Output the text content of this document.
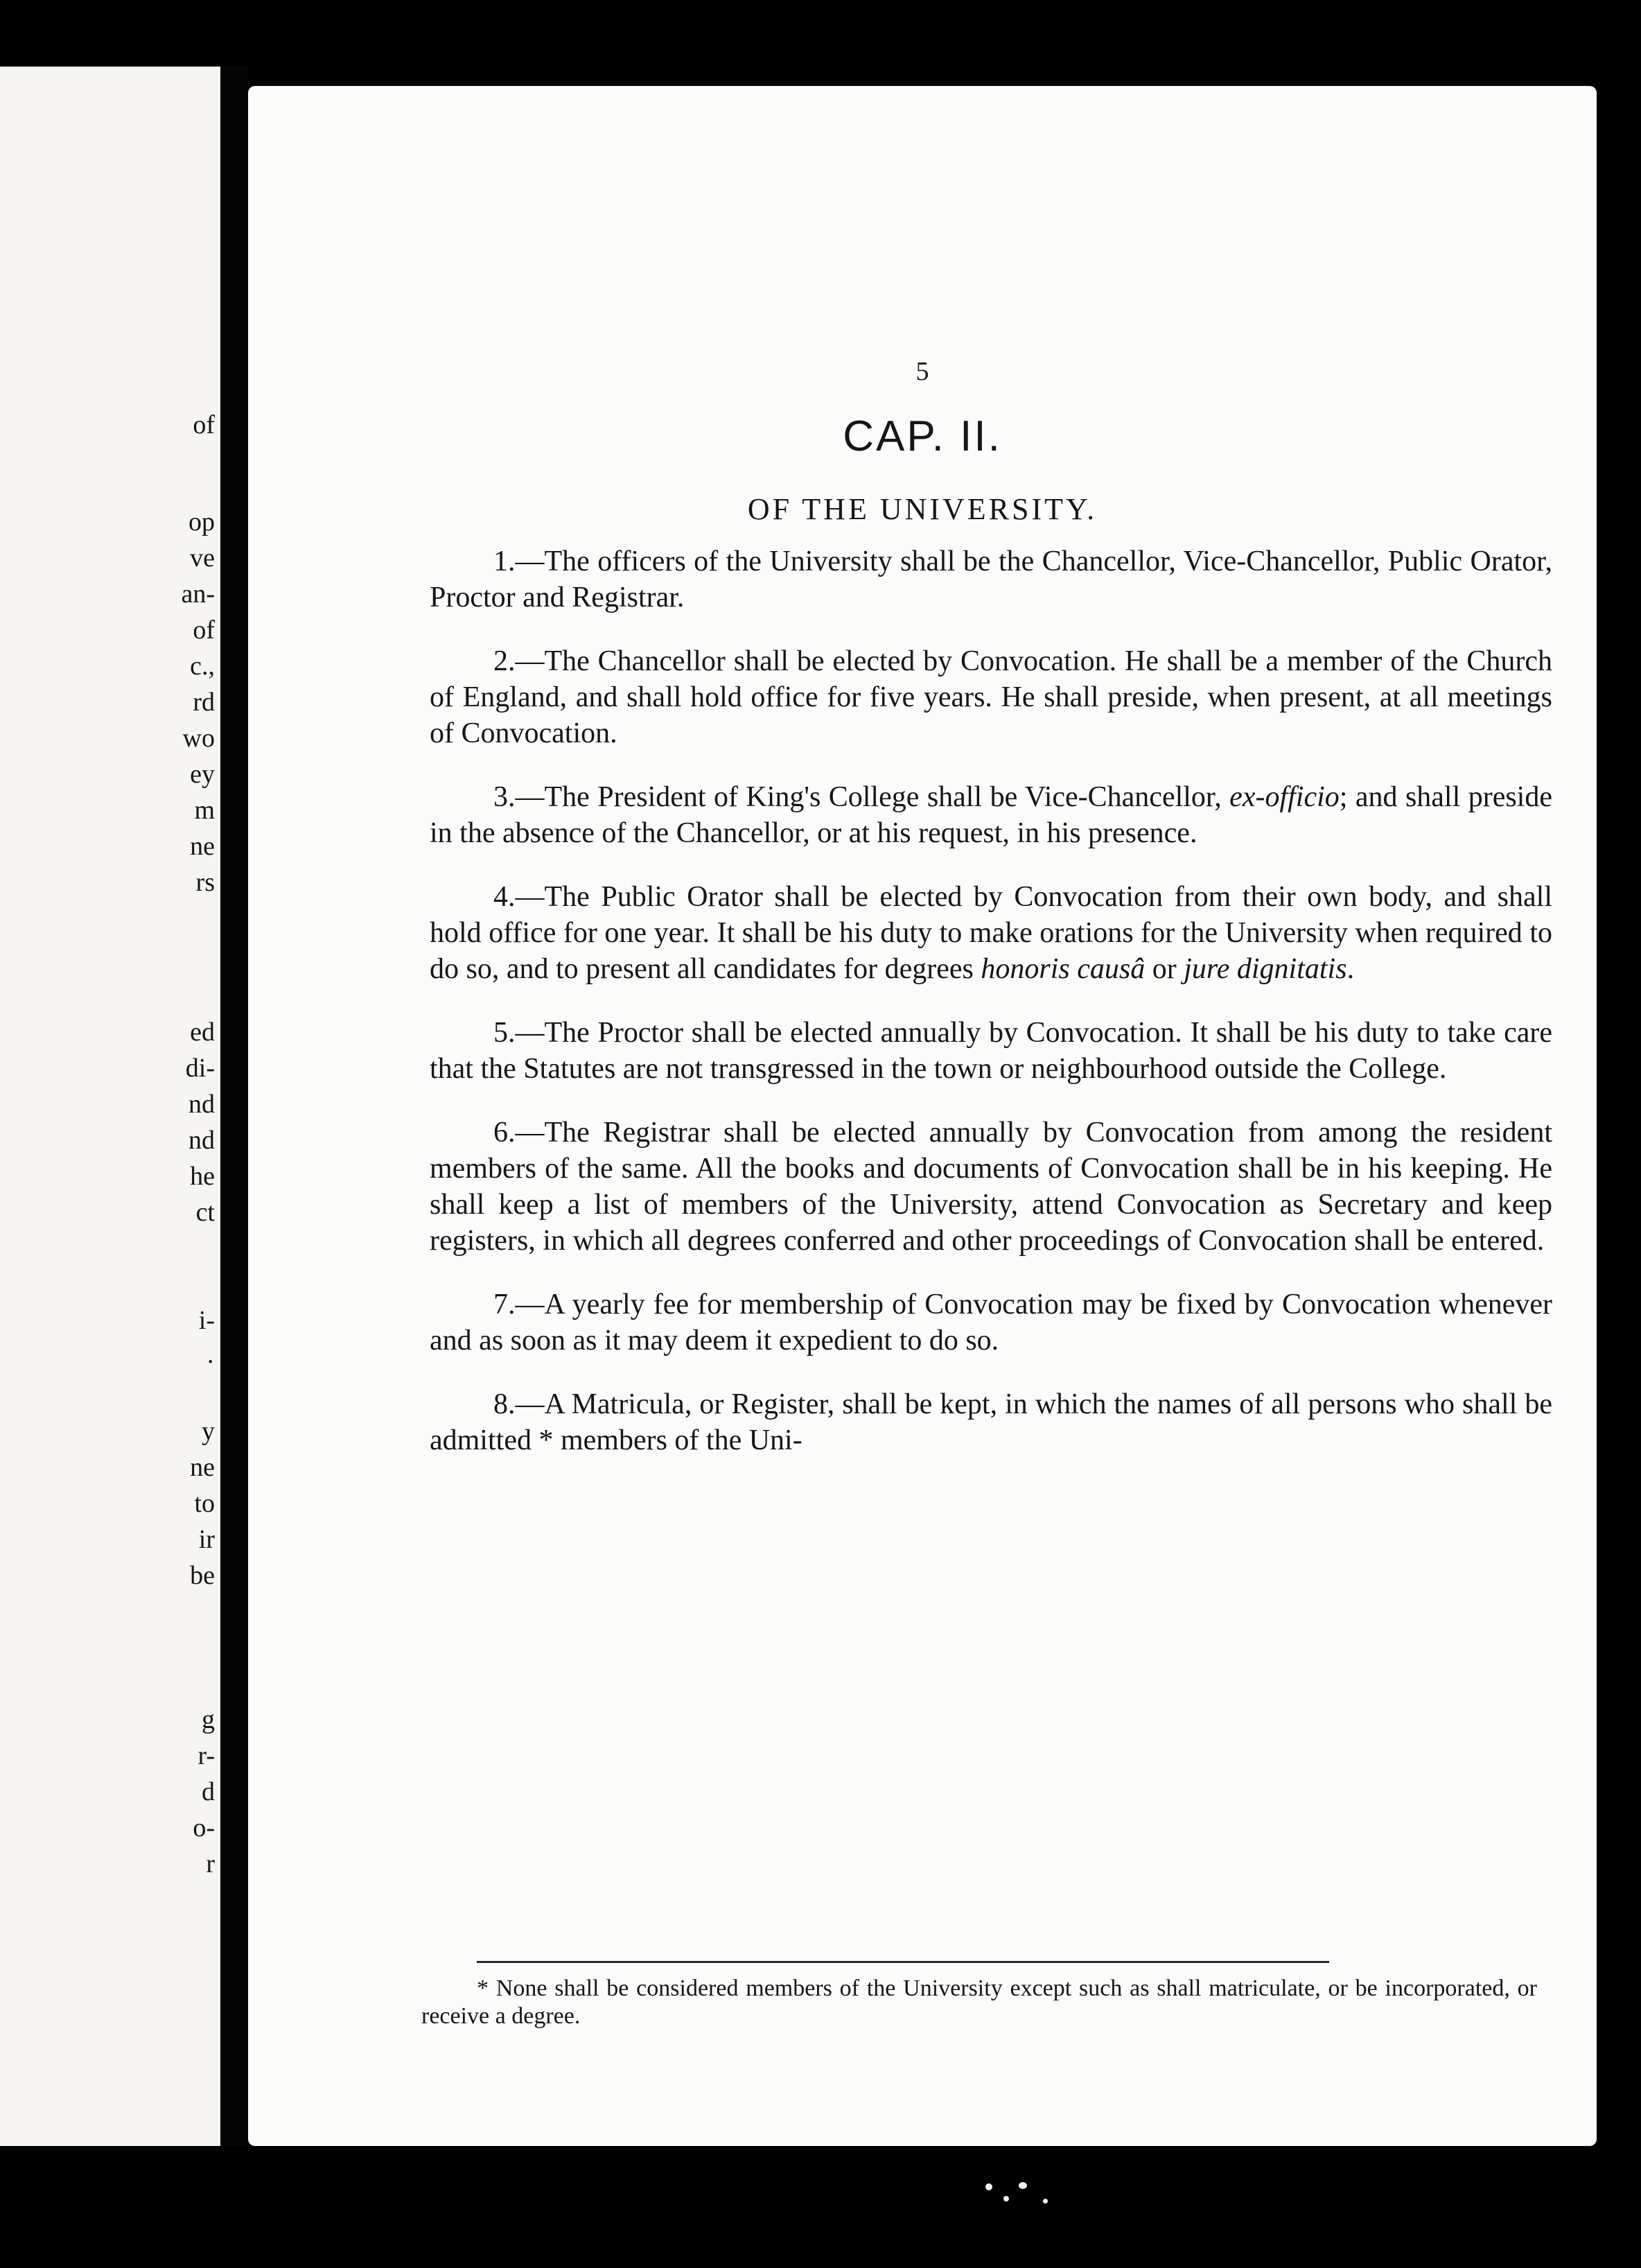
of
op
ve
an-
of
c.,
rd
wo
ey
m
ne
rs
ed
di-
nd
nd
he
ct
i-
·
y
ne
to
ir
be
g
r-
d
o-
r
5
CAP. II.
OF THE UNIVERSITY.

1.—The officers of the University shall be the Chancellor, Vice-Chancellor, Public Orator, Proctor and Registrar.

2.—The Chancellor shall be elected by Convocation. He shall be a member of the Church of England, and shall hold office for five years. He shall preside, when present, at all meetings of Convocation.

3.—The President of King's College shall be Vice-Chancellor, ex-officio; and shall preside in the absence of the Chancellor, or at his request, in his presence.

4.—The Public Orator shall be elected by Convocation from their own body, and shall hold office for one year. It shall be his duty to make orations for the University when required to do so, and to present all candidates for degrees honoris causâ or jure dignitatis.

5.—The Proctor shall be elected annually by Convocation. It shall be his duty to take care that the Statutes are not transgressed in the town or neighbourhood outside the College.

6.—The Registrar shall be elected annually by Convocation from among the resident members of the same. All the books and documents of Convocation shall be in his keeping. He shall keep a list of members of the University, attend Convocation as Secretary and keep registers, in which all degrees conferred and other proceedings of Convocation shall be entered.

7.—A yearly fee for membership of Convocation may be fixed by Convocation whenever and as soon as it may deem it expedient to do so.

8.—A Matricula, or Register, shall be kept, in which the names of all persons who shall be admitted * members of the Uni-

* None shall be considered members of the University except such as shall matriculate, or be incorporated, or receive a degree.
